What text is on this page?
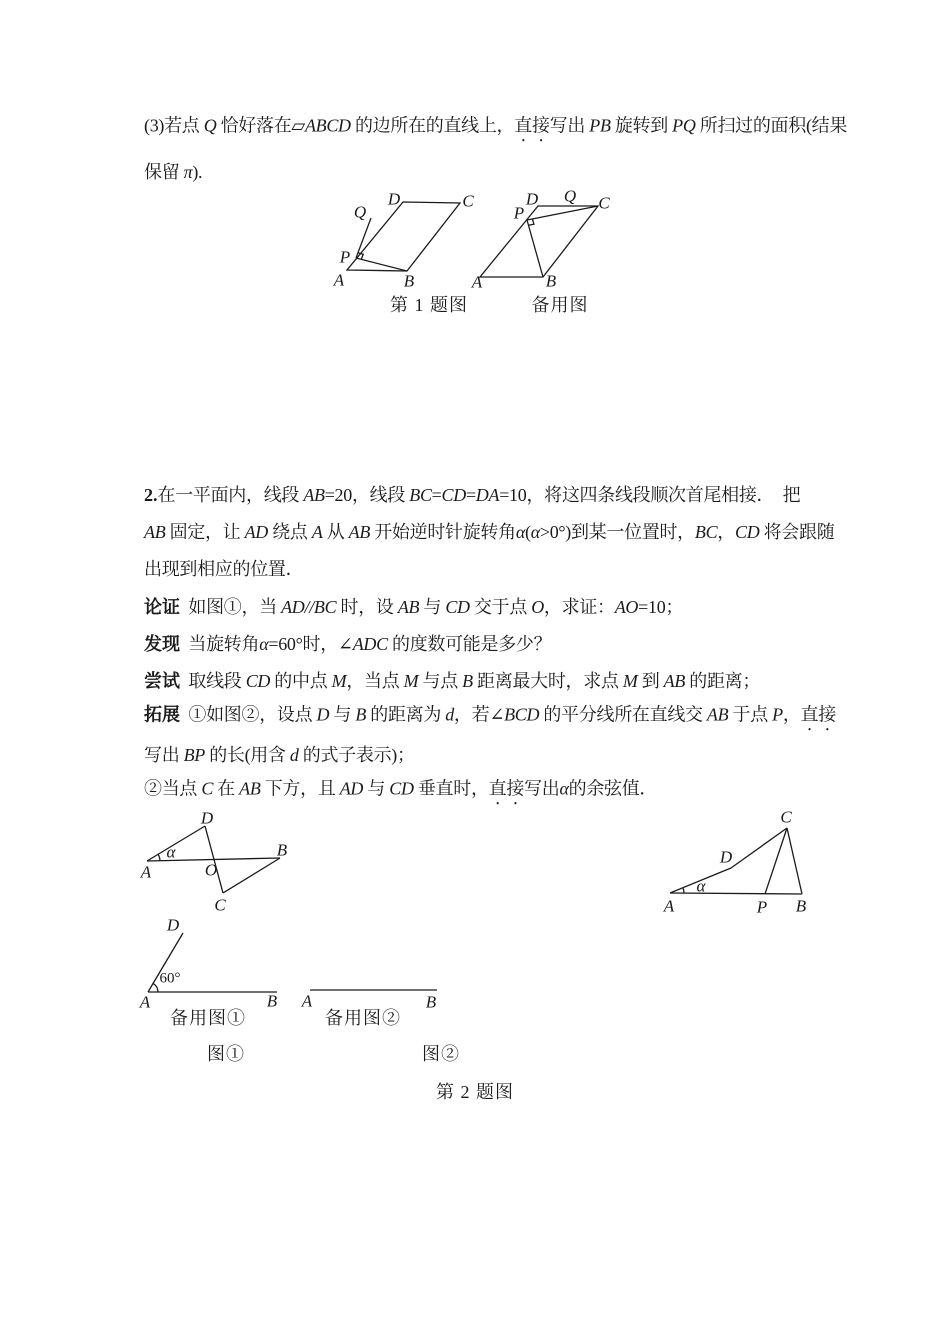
(3)若点 Q 恰好落在▱ABCD 的边所在的直线上，直接写出 PB 旋转到 PQ 所扫过的面积(结果
保留 π).
Q
D	C
P
A	B
D Q C
P
A	B
第 1 题图	备用图
2.在一平面内，线段 AB=20，线段 BC=CD=DA=10，将这四条线段顺次首尾相接．  把
AB 固定，让 AD 绕点 A 从 AB 开始逆时针旋转角α(α>0°)到某一位置时，BC，CD 将会跟随
出现到相应的位置．
论证  如图①，当 AD//BC 时，设 AB 与 CD 交于点 O，求证：AO=10；
发现  当旋转角α=60°时，∠ADC 的度数可能是多少？
尝试  取线段 CD 的中点 M，当点 M 与点 B 距离最大时，求点 M 到 AB 的距离；
拓展  ①如图②，设点 D 与 B 的距离为 d，若∠BCD 的平分线所在直线交 AB 于点 P，直接
写出 BP 的长(用含 d 的式子表示)；
②当点 C 在 AB 下方，且 AD 与 CD 垂直时，直接写出α的余弦值．
D
α
A	O
B
C
C
D
α
A	P B
D
60°
A	B A	B
备用图①	备用图②
图①	图②
第 2 题图
